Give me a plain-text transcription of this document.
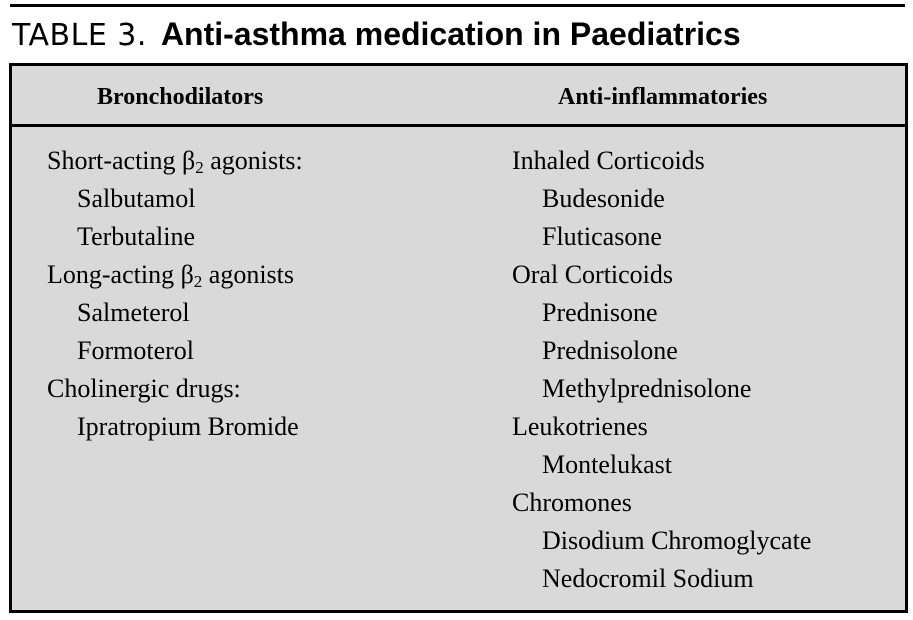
TABLE 3. Anti-asthma medication in Paediatrics
Bronchodilators	Anti-inflammatories
Short-acting $\beta_2$ agonists:
Salbutamol
Terbutaline
Long-acting $\beta_2$ agonists
Salmeterol
Formoterol
Cholinergic drugs:
Ipratropium Bromide
Inhaled Corticoids
Budesonide
Fluticasone
Oral Corticoids
Prednisone
Prednisolone
Methylprednisolone
Leukotrienes
Montelukast
Chromones
Disodium Chromoglycate
Nedocromil Sodium
